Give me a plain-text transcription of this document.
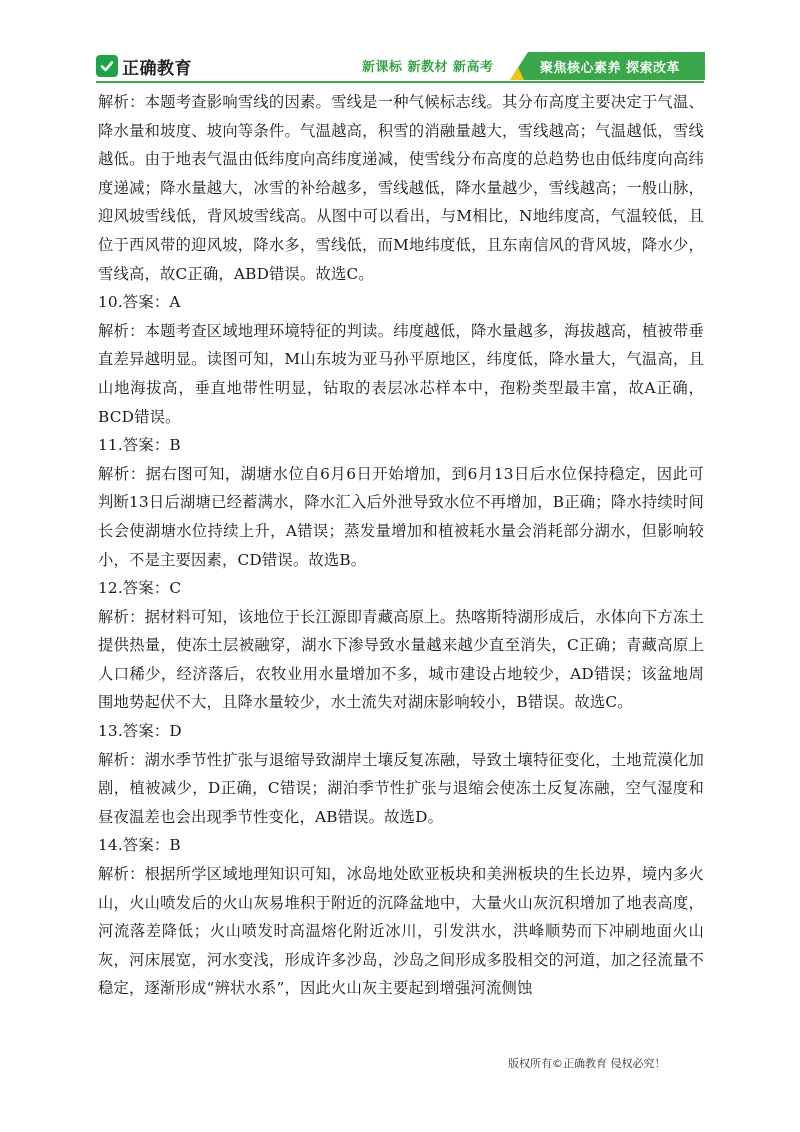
正确教育	新课标 新教材 新高考	聚焦核心素养 探索改革

解析：本题考查影响雪线的因素。雪线是一种气候标志线。其分布高度主要决定于气温、降水量和坡度、坡向等条件。气温越高，积雪的消融量越大，雪线越高；气温越低，雪线越低。由于地表气温由低纬度向高纬度递减，使雪线分布高度的总趋势也由低纬度向高纬度递减；降水量越大，冰雪的补给越多，雪线越低，降水量越少，雪线越高；一般山脉，迎风坡雪线低，背风坡雪线高。从图中可以看出，与M相比，N地纬度高，气温较低，且位于西风带的迎风坡，降水多，雪线低，而M地纬度低，且东南信风的背风坡，降水少，雪线高，故C正确，ABD错误。故选C。

10.答案：A

解析：本题考查区域地理环境特征的判读。纬度越低，降水量越多，海拔越高，植被带垂直差异越明显。读图可知，M山东坡为亚马孙平原地区，纬度低，降水量大，气温高，且山地海拔高，垂直地带性明显，钻取的表层冰芯样本中，孢粉类型最丰富，故A正确，BCD错误。

11.答案：B

解析：据右图可知，湖塘水位自6月6日开始增加，到6月13日后水位保持稳定，因此可判断13日后湖塘已经蓄满水，降水汇入后外泄导致水位不再增加，B正确；降水持续时间长会使湖塘水位持续上升，A错误；蒸发量增加和植被耗水量会消耗部分湖水，但影响较小，不是主要因素，CD错误。故选B。

12.答案：C

解析：据材料可知，该地位于长江源即青藏高原上。热喀斯特湖形成后，水体向下方冻土提供热量，使冻土层被融穿，湖水下渗导致水量越来越少直至消失，C正确；青藏高原上人口稀少，经济落后，农牧业用水量增加不多，城市建设占地较少，AD错误；该盆地周围地势起伏不大，且降水量较少，水土流失对湖床影响较小，B错误。故选C。

13.答案：D

解析：湖水季节性扩张与退缩导致湖岸土壤反复冻融，导致土壤特征变化，土地荒漠化加剧，植被减少，D正确，C错误；湖泊季节性扩张与退缩会使冻土反复冻融，空气湿度和昼夜温差也会出现季节性变化，AB错误。故选D。

14.答案：B

解析：根据所学区域地理知识可知，冰岛地处欧亚板块和美洲板块的生长边界，境内多火山，火山喷发后的火山灰易堆积于附近的沉降盆地中，大量火山灰沉积增加了地表高度，河流落差降低；火山喷发时高温熔化附近冰川，引发洪水，洪峰顺势而下冲刷地面火山灰，河床展宽，河水变浅，形成许多沙岛，沙岛之间形成多股相交的河道，加之径流量不稳定，逐渐形成“辨状水系”，因此火山灰主要起到增强河流侧蚀

版权所有©正确教育 侵权必究！
